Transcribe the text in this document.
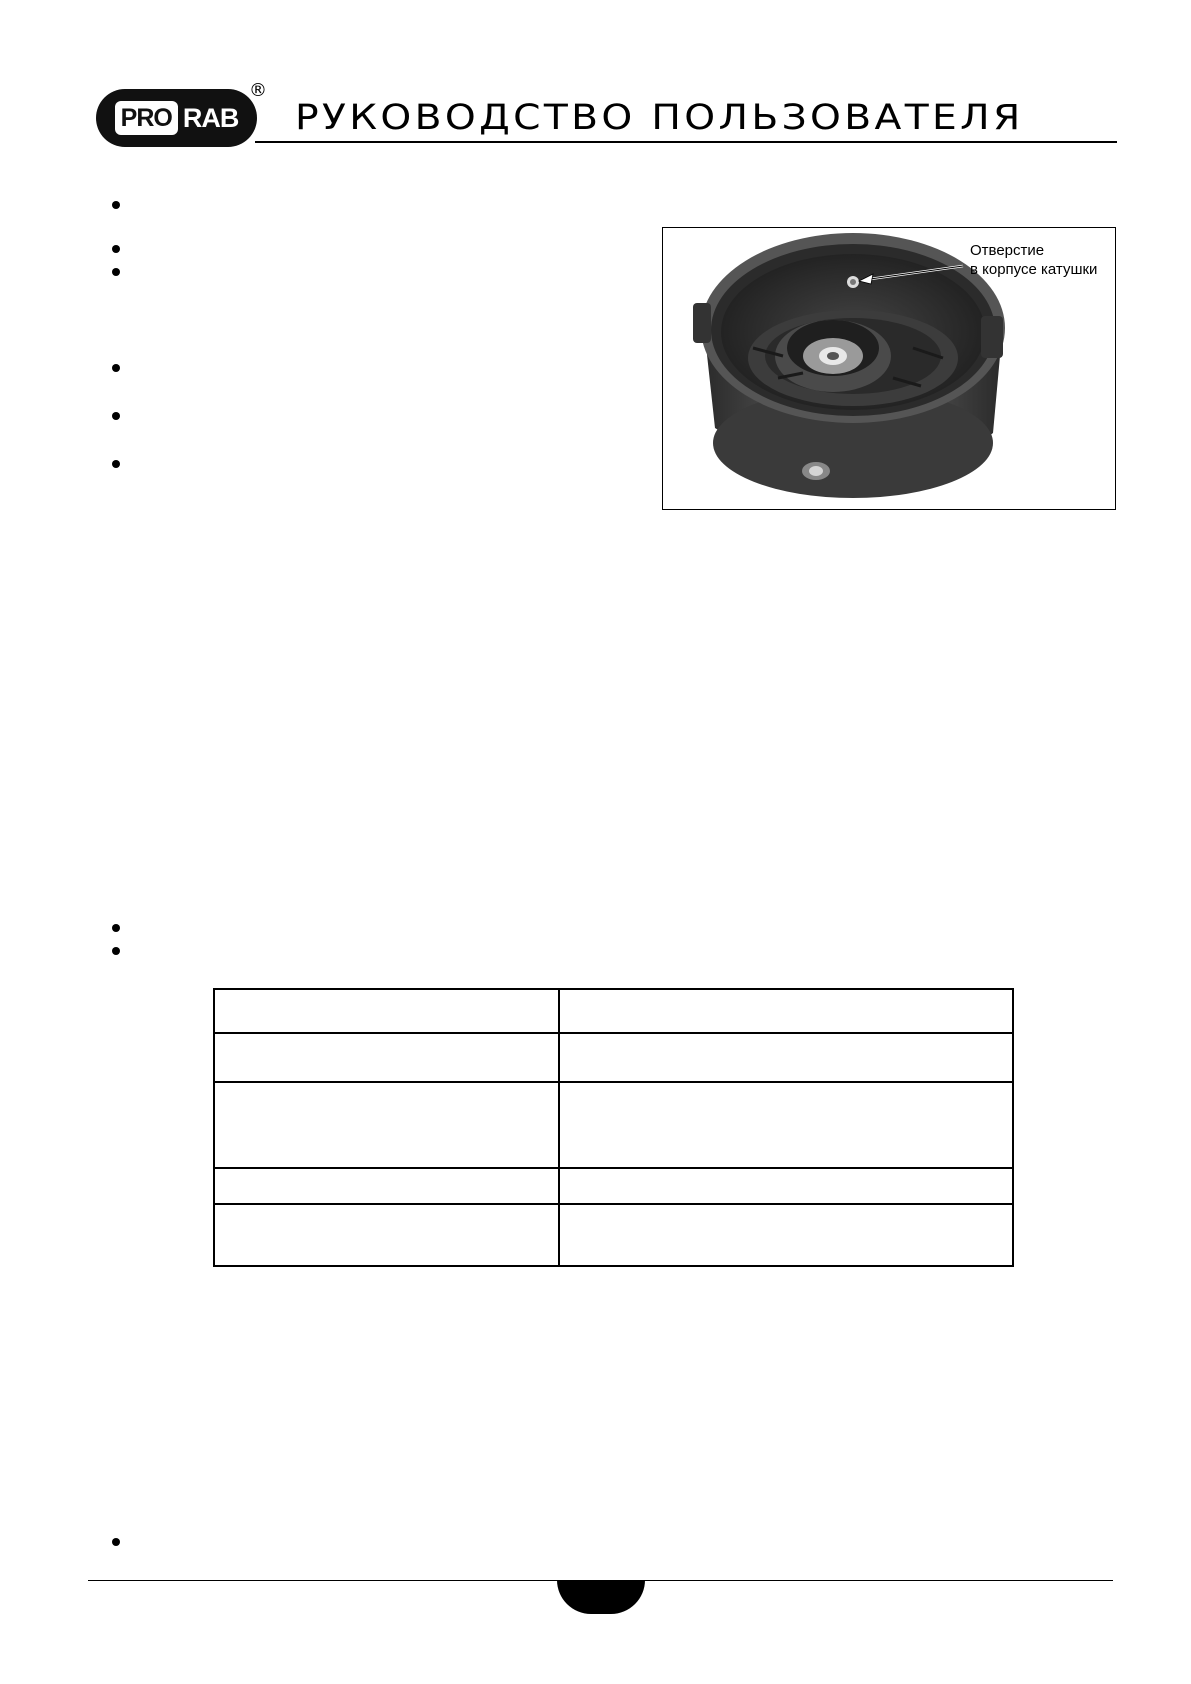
PRO RAB
®
РУКОВОДСТВО ПОЛЬЗОВАТЕЛЯ
Отверстие
в корпусе катушки
